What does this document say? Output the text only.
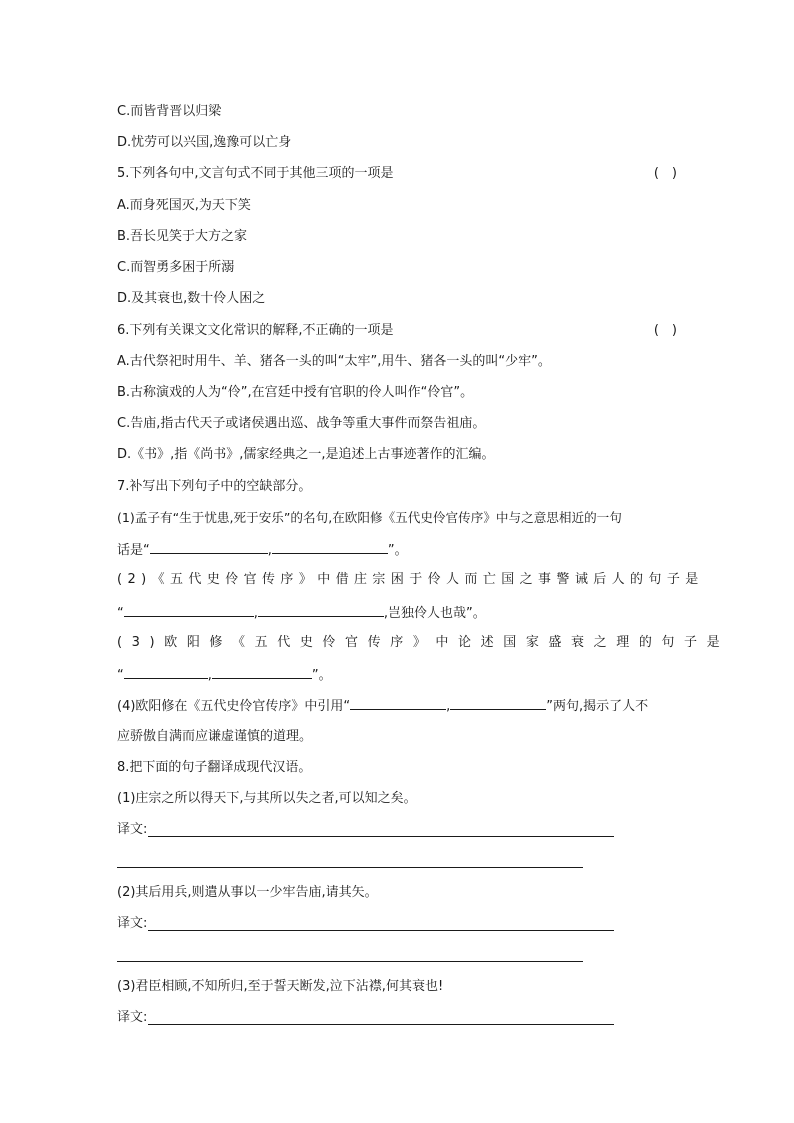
C.而皆背晋以归梁
D.忧劳可以兴国,逸豫可以亡身
5.下列各句中,文言句式不同于其他三项的一项是	(　)
A.而身死国灭,为天下笑
B.吾长见笑于大方之家
C.而智勇多困于所溺
D.及其衰也,数十伶人困之
6.下列有关课文文化常识的解释,不正确的一项是	(　)
A.古代祭祀时用牛、羊、猪各一头的叫“太牢”,用牛、猪各一头的叫“少牢”。
B.古称演戏的人为“伶”,在宫廷中授有官职的伶人叫作“伶官”。
C.告庙,指古代天子或诸侯遇出巡、战争等重大事件而祭告祖庙。
D.《书》,指《尚书》,儒家经典之一,是追述上古事迹著作的汇编。
7.补写出下列句子中的空缺部分。
(1)孟子有“生于忧患,死于安乐”的名句,在欧阳修《五代史伶官传序》中与之意思相近的一句
话是“	,	”。
(2)《五代史伶官传序》中借庄宗困于伶人而亡国之事警诫后人的句子是
“	,	,岂独伶人也哉”。
(3)欧阳修《五代史伶官传序》中论述国家盛衰之理的句子是
“	,	”。
(4)欧阳修在《五代史伶官传序》中引用“	,	”两句,揭示了人不
应骄傲自满而应谦虚谨慎的道理。
8.把下面的句子翻译成现代汉语。
(1)庄宗之所以得天下,与其所以失之者,可以知之矣。
译文:
(2)其后用兵,则遣从事以一少牢告庙,请其矢。
译文:
(3)君臣相顾,不知所归,至于誓天断发,泣下沾襟,何其衰也!
译文:
